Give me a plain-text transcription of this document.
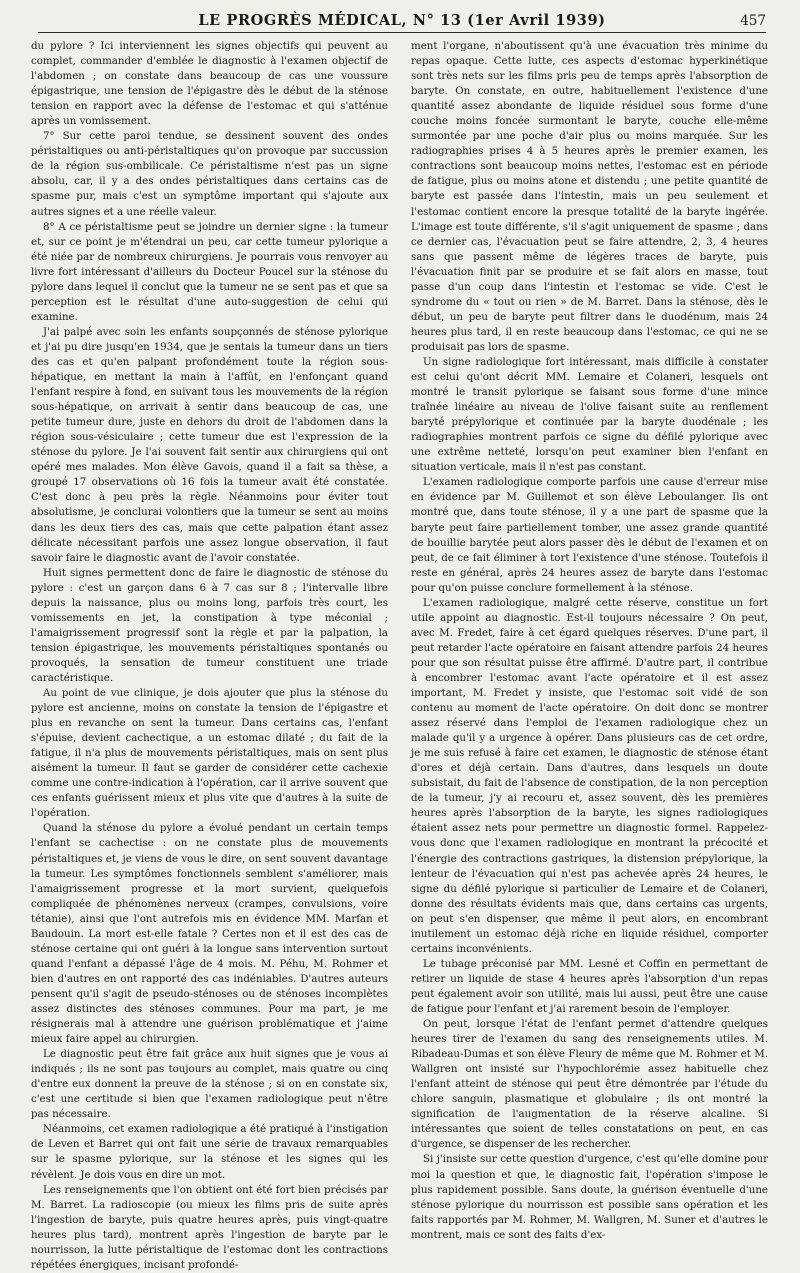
LE PROGRÈS MÉDICAL, N° 13 (1er Avril 1939)	457

du pylore ? Ici interviennent les signes objectifs qui peuvent au complet, commander d'emblée le diagnostic à l'examen objectif de l'abdomen ; on constate dans beaucoup de cas une voussure épigastrique, une tension de l'épigastre dès le début de la sténose tension en rapport avec la défense de l'estomac et qui s'atténue après un vomissement.

7° Sur cette paroi tendue, se dessinent souvent des ondes péristaltiques ou anti-péristaltiques qu'on provoque par succussion de la région sus-ombilicale. Ce péristaltisme n'est pas un signe absolu, car, il y a des ondes péristaltiques dans certains cas de spasme pur, mais c'est un symptôme important qui s'ajoute aux autres signes et a une réelle valeur.

8° A ce péristaltisme peut se joindre un dernier signe : la tumeur et, sur ce point je m'étendrai un peu, car cette tumeur pylorique a été niée par de nombreux chirurgiens. Je pourrais vous renvoyer au livre fort intéressant d'ailleurs du Docteur Poucel sur la sténose du pylore dans lequel il conclut que la tumeur ne se sent pas et que sa perception est le résultat d'une auto-suggestion de celui qui examine.

J'ai palpé avec soin les enfants soupçonnés de sténose pylorique et j'ai pu dire jusqu'en 1934, que je sentais la tumeur dans un tiers des cas et qu'en palpant profondément toute la région sous-hépatique, en mettant la main à l'affût, en l'enfonçant quand l'enfant respire à fond, en suivant tous les mouvements de la région sous-hépatique, on arrivait à sentir dans beaucoup de cas, une petite tumeur dure, juste en dehors du droit de l'abdomen dans la région sous-vésiculaire ; cette tumeur due est l'expression de la sténose du pylore. Je l'ai souvent fait sentir aux chirurgiens qui ont opéré mes malades. Mon élève Gavois, quand il a fait sa thèse, a groupé 17 observations où 16 fois la tumeur avait été constatée. C'est donc à peu près la règle. Néanmoins pour éviter tout absolutisme, je conclurai volontiers que la tumeur se sent au moins dans les deux tiers des cas, mais que cette palpation étant assez délicate nécessitant parfois une assez longue observation, il faut savoir faire le diagnostic avant de l'avoir constatée.

Huit signes permettent donc de faire le diagnostic de sténose du pylore : c'est un garçon dans 6 à 7 cas sur 8 ; l'intervalle libre depuis la naissance, plus ou moins long, parfois très court, les vomissements en jet, la constipation à type méconial ; l'amaigrissement progressif sont la règle et par la palpation, la tension épigastrique, les mouvements péristaltiques spontanés ou provoqués, la sensation de tumeur constituent une triade caractéristique.

Au point de vue clinique, je dois ajouter que plus la sténose du pylore est ancienne, moins on constate la tension de l'épigastre et plus en revanche on sent la tumeur. Dans certains cas, l'enfant s'épuise, devient cachectique, a un estomac dilaté ; du fait de la fatigue, il n'a plus de mouvements péristaltiques, mais on sent plus aisément la tumeur. Il faut se garder de considérer cette cachexie comme une contre-indication à l'opération, car il arrive souvent que ces enfants guérissent mieux et plus vite que d'autres à la suite de l'opération.

Quand la sténose du pylore a évolué pendant un certain temps l'enfant se cachectise : on ne constate plus de mouvements péristaltiques et, je viens de vous le dire, on sent souvent davantage la tumeur. Les symptômes fonctionnels semblent s'améliorer, mais l'amaigrissement progresse et la mort survient, quelquefois compliquée de phénomènes nerveux (crampes, convulsions, voire tétanie), ainsi que l'ont autrefois mis en évidence MM. Marfan et Baudouin. La mort est-elle fatale ? Certes non et il est des cas de sténose certaine qui ont guéri à la longue sans intervention surtout quand l'enfant a dépassé l'âge de 4 mois. M. Péhu, M. Rohmer et bien d'autres en ont rapporté des cas indéniables. D'autres auteurs pensent qu'il s'agit de pseudo-sténoses ou de sténoses incomplètes assez distinctes des sténoses communes. Pour ma part, je me résignerais mal à attendre une guérison problématique et j'aime mieux faire appel au chirurgien.

Le diagnostic peut être fait grâce aux huit signes que je vous ai indiqués ; ils ne sont pas toujours au complet, mais quatre ou cinq d'entre eux donnent la preuve de la sténose ; si on en constate six, c'est une certitude si bien que l'examen radiologique peut n'être pas nécessaire.

Néanmoins, cet examen radiologique a été pratiqué à l'instigation de Leven et Barret qui ont fait une série de travaux remarquables sur le spasme pylorique, sur la sténose et les signes qui les révèlent. Je dois vous en dire un mot.

Les renseignements que l'on obtient ont été fort bien précisés par M. Barret. La radioscopie (ou mieux les films pris de suite après l'ingestion de baryte, puis quatre heures après, puis vingt-quatre heures plus tard), montrent après l'ingestion de baryte par le nourrisson, la lutte péristaltique de l'estomac dont les contractions répétées énergiques, incisant profondé-

ment l'organe, n'aboutissent qu'à une évacuation très minime du repas opaque. Cette lutte, ces aspects d'estomac hyperkinétique sont très nets sur les films pris peu de temps après l'absorption de baryte. On constate, en outre, habituellement l'existence d'une quantité assez abondante de liquide résiduel sous forme d'une couche moins foncée surmontant le baryte, couche elle-même surmontée par une poche d'air plus ou moins marquée. Sur les radiographies prises 4 à 5 heures après le premier examen, les contractions sont beaucoup moins nettes, l'estomac est en période de fatigue, plus ou moins atone et distendu ; une petite quantité de baryte est passée dans l'intestin, mais un peu seulement et l'estomac contient encore la presque totalité de la baryte ingérée. L'image est toute différente, s'il s'agit uniquement de spasme ; dans ce dernier cas, l'évacuation peut se faire attendre, 2, 3, 4 heures sans que passent même de légères traces de baryte, puis l'évacuation finit par se produire et se fait alors en masse, tout passe d'un coup dans l'intestin et l'estomac se vide. C'est le syndrome du « tout ou rien » de M. Barret. Dans la sténose, dès le début, un peu de baryte peut filtrer dans le duodénum, mais 24 heures plus tard, il en reste beaucoup dans l'estomac, ce qui ne se produisait pas lors de spasme.

Un signe radiologique fort intéressant, mais difficile à constater est celui qu'ont décrit MM. Lemaire et Colaneri, lesquels ont montré le transit pylorique se faisant sous forme d'une mince traînée linéaire au niveau de l'olive faisant suite au renflement baryté prépylorique et continuée par la baryte duodénale ; les radiographies montrent parfois ce signe du défilé pylorique avec une extrême netteté, lorsqu'on peut examiner bien l'enfant en situation verticale, mais il n'est pas constant.

L'examen radiologique comporte parfois une cause d'erreur mise en évidence par M. Guillemot et son élève Leboulanger. Ils ont montré que, dans toute sténose, il y a une part de spasme que la baryte peut faire partiellement tomber, une assez grande quantité de bouillie barytée peut alors passer dès le début de l'examen et on peut, de ce fait éliminer à tort l'existence d'une sténose. Toutefois il reste en général, après 24 heures assez de baryte dans l'estomac pour qu'on puisse conclure formellement à la sténose.

L'examen radiologique, malgré cette réserve, constitue un fort utile appoint au diagnostic. Est-il toujours nécessaire ? On peut, avec M. Fredet, faire à cet égard quelques réserves. D'une part, il peut retarder l'acte opératoire en faisant attendre parfois 24 heures pour que son résultat puisse être affirmé. D'autre part, il contribue à encombrer l'estomac avant l'acte opératoire et il est assez important, M. Fredet y insiste, que l'estomac soit vidé de son contenu au moment de l'acte opératoire. On doit donc se montrer assez réservé dans l'emploi de l'examen radiologique chez un malade qu'il y a urgence à opérer. Dans plusieurs cas de cet ordre, je me suis refusé à faire cet examen, le diagnostic de sténose étant d'ores et déjà certain. Dans d'autres, dans lesquels un doute subsistait, du fait de l'absence de constipation, de la non perception de la tumeur, j'y ai recouru et, assez souvent, dès les premières heures après l'absorption de la baryte, les signes radiologiques étaient assez nets pour permettre un diagnostic formel. Rappelez-vous donc que l'examen radiologique en montrant la précocité et l'énergie des contractions gastriques, la distension prépylorique, la lenteur de l'évacuation qui n'est pas achevée après 24 heures, le signe du défilé pylorique si particulier de Lemaire et de Colaneri, donne des résultats évidents mais que, dans certains cas urgents, on peut s'en dispenser, que même il peut alors, en encombrant inutilement un estomac déjà riche en liquide résiduel, comporter certains inconvénients.

Le tubage préconisé par MM. Lesné et Coffin en permettant de retirer un liquide de stase 4 heures après l'absorption d'un repas peut également avoir son utilité, mais lui aussi, peut être une cause de fatigue pour l'enfant et j'ai rarement besoin de l'employer.

On peut, lorsque l'état de l'enfant permet d'attendre quelques heures tirer de l'examen du sang des renseignements utiles. M. Ribadeau-Dumas et son élève Fleury de même que M. Rohmer et M. Wallgren ont insisté sur l'hypochlorémie assez habituelle chez l'enfant atteint de sténose qui peut être démontrée par l'étude du chlore sanguin, plasmatique et globulaire ; ils ont montré la signification de l'augmentation de la réserve alcaline. Si intéressantes que soient de telles constatations on peut, en cas d'urgence, se dispenser de les rechercher.

Si j'insiste sur cette question d'urgence, c'est qu'elle domine pour moi la question et que, le diagnostic fait, l'opération s'impose le plus rapidement possible. Sans doute, la guérison éventuelle d'une sténose pylorique du nourrisson est possible sans opération et les faits rapportés par M. Rohmer, M. Wallgren, M. Suner et d'autres le montrent, mais ce sont des faits d'ex-
